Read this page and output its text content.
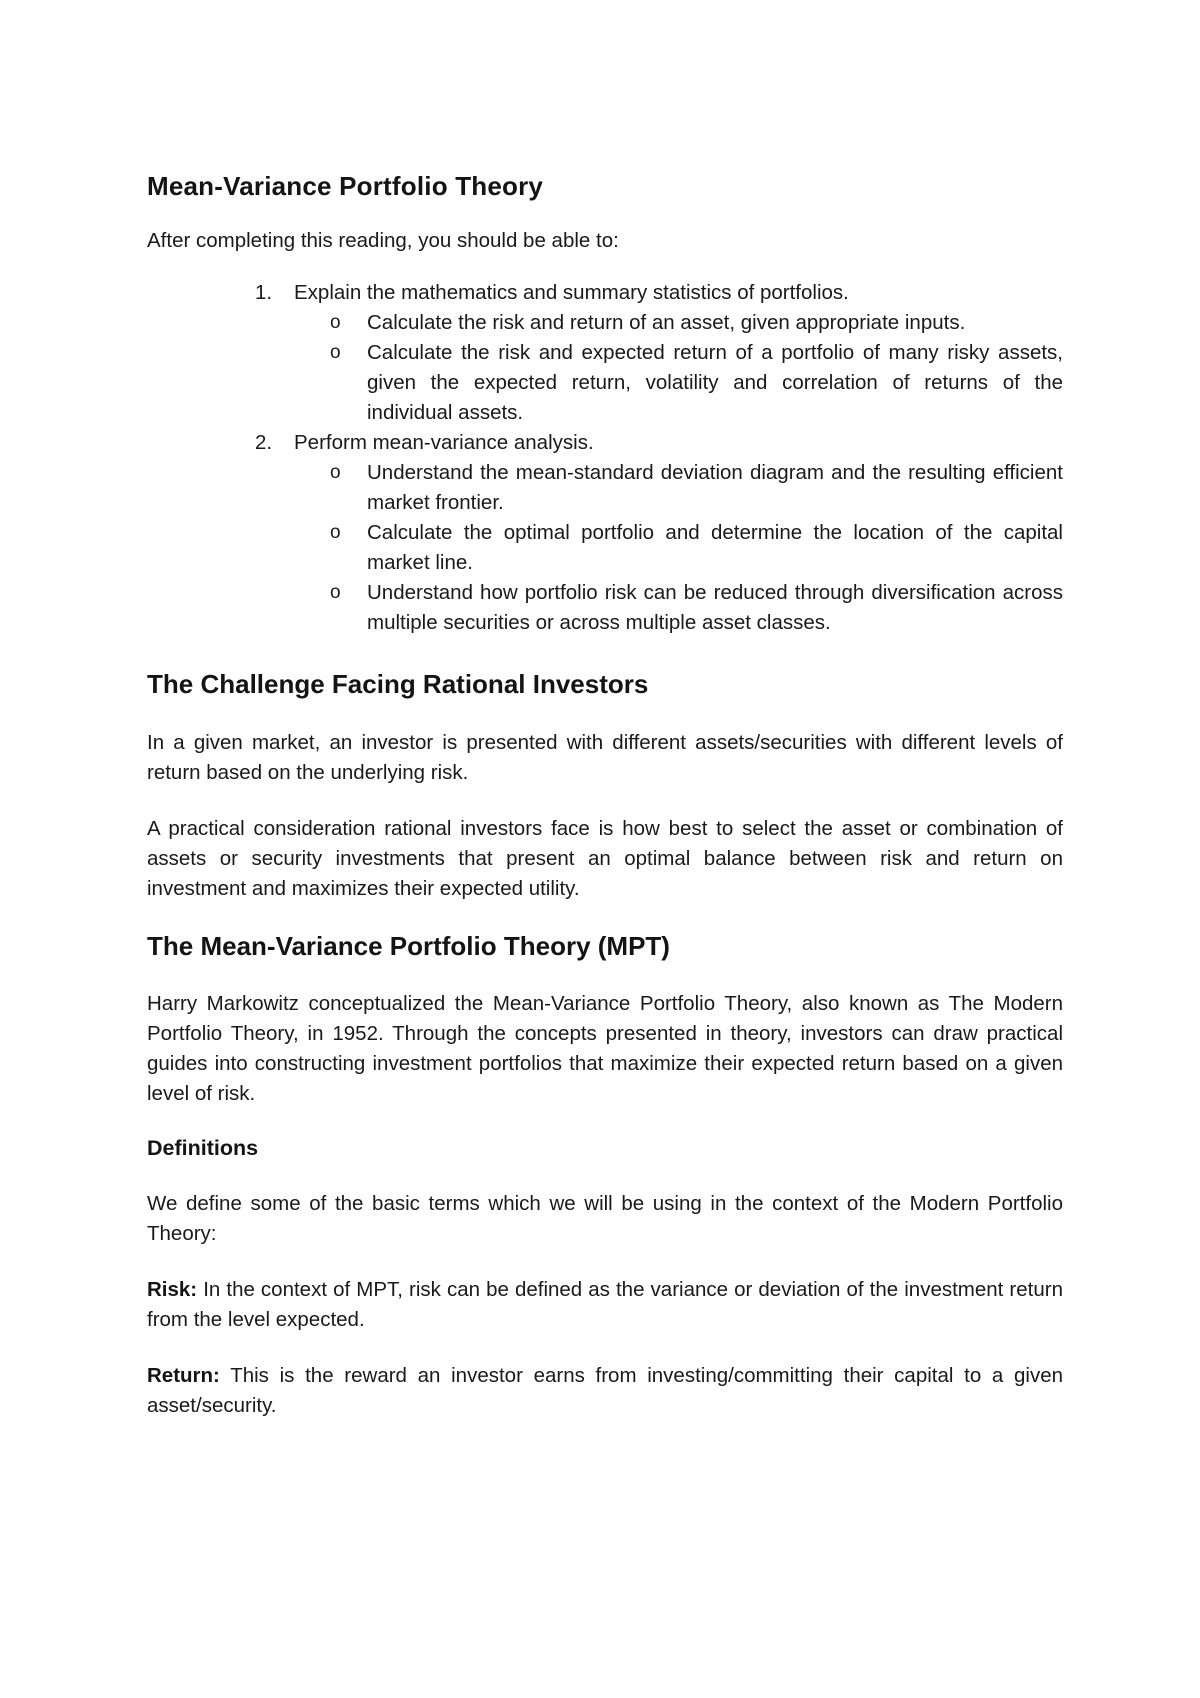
Mean-Variance Portfolio Theory

After completing this reading, you should be able to:

1. Explain the mathematics and summary statistics of portfolios.
o Calculate the risk and return of an asset, given appropriate inputs.
o Calculate the risk and expected return of a portfolio of many risky assets, given the expected return, volatility and correlation of returns of the individual assets.
2. Perform mean-variance analysis.
o Understand the mean-standard deviation diagram and the resulting efficient market frontier.
o Calculate the optimal portfolio and determine the location of the capital market line.
o Understand how portfolio risk can be reduced through diversification across multiple securities or across multiple asset classes.
The Challenge Facing Rational Investors

In a given market, an investor is presented with different assets/securities with different levels of return based on the underlying risk.

A practical consideration rational investors face is how best to select the asset or combination of assets or security investments that present an optimal balance between risk and return on investment and maximizes their expected utility.

The Mean-Variance Portfolio Theory (MPT)

Harry Markowitz conceptualized the Mean-Variance Portfolio Theory, also known as The Modern Portfolio Theory, in 1952. Through the concepts presented in theory, investors can draw practical guides into constructing investment portfolios that maximize their expected return based on a given level of risk.

Definitions

We define some of the basic terms which we will be using in the context of the Modern Portfolio Theory:

Risk: In the context of MPT, risk can be defined as the variance or deviation of the investment return from the level expected.

Return: This is the reward an investor earns from investing/committing their capital to a given asset/security.
